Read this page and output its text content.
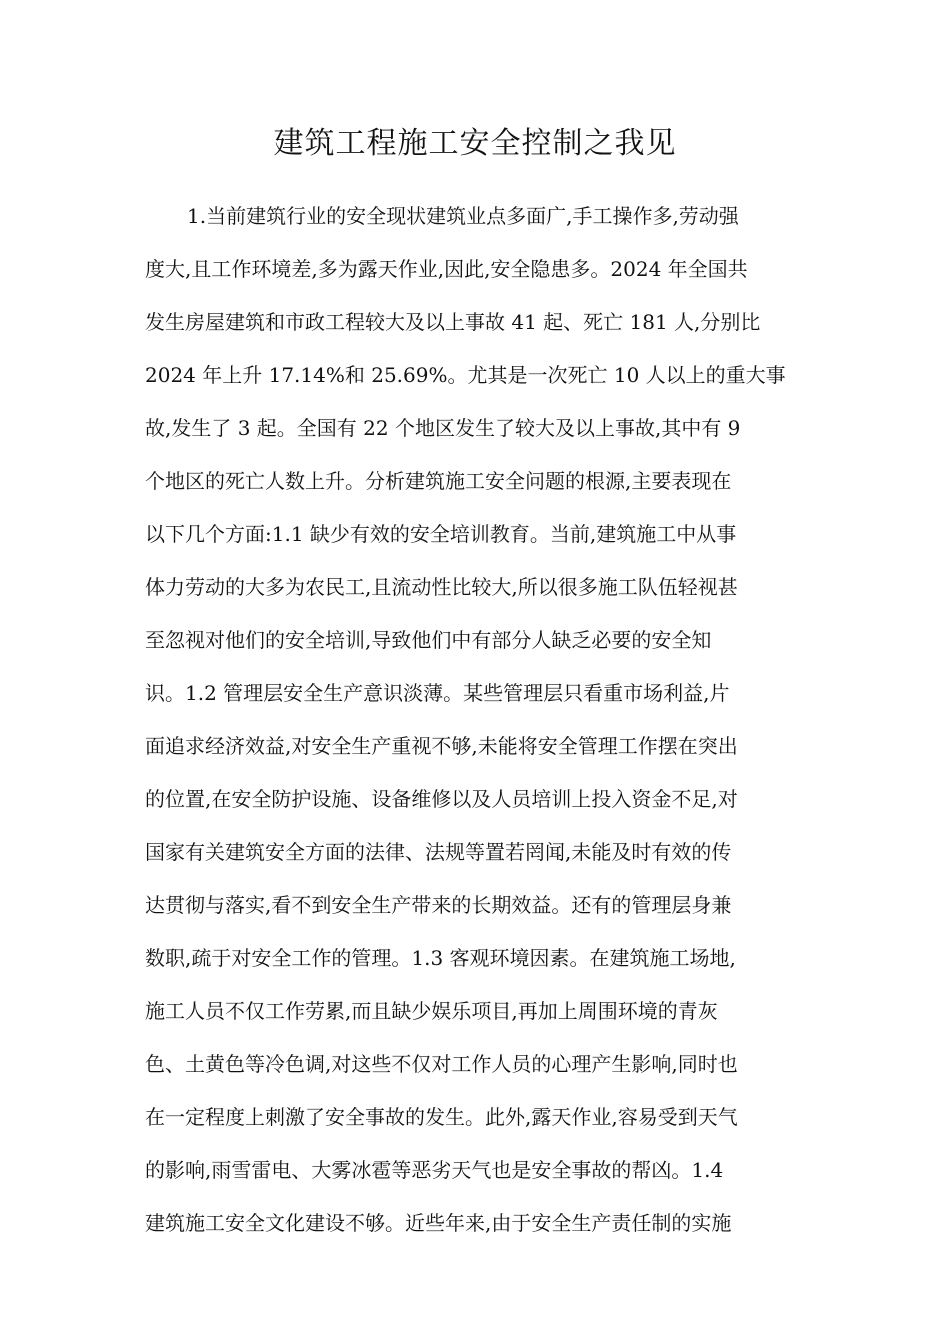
建筑工程施工安全控制之我见
1.当前建筑行业的安全现状建筑业点多面广,手工操作多,劳动强
度大,且工作环境差,多为露天作业,因此,安全隐患多。2024 年全国共
发生房屋建筑和市政工程较大及以上事故 41 起、死亡 181 人,分别比
2024 年上升 17.14%和 25.69%。尤其是一次死亡 10 人以上的重大事
故,发生了 3 起。全国有 22 个地区发生了较大及以上事故,其中有 9
个地区的死亡人数上升。分析建筑施工安全问题的根源,主要表现在
以下几个方面:1.1 缺少有效的安全培训教育。当前,建筑施工中从事
体力劳动的大多为农民工,且流动性比较大,所以很多施工队伍轻视甚
至忽视对他们的安全培训,导致他们中有部分人缺乏必要的安全知
识。1.2 管理层安全生产意识淡薄。某些管理层只看重市场利益,片
面追求经济效益,对安全生产重视不够,未能将安全管理工作摆在突出
的位置,在安全防护设施、设备维修以及人员培训上投入资金不足,对
国家有关建筑安全方面的法律、法规等置若罔闻,未能及时有效的传
达贯彻与落实,看不到安全生产带来的长期效益。还有的管理层身兼
数职,疏于对安全工作的管理。1.3 客观环境因素。在建筑施工场地,
施工人员不仅工作劳累,而且缺少娱乐项目,再加上周围环境的青灰
色、土黄色等冷色调,对这些不仅对工作人员的心理产生影响,同时也
在一定程度上刺激了安全事故的发生。此外,露天作业,容易受到天气
的影响,雨雪雷电、大雾冰雹等恶劣天气也是安全事故的帮凶。1.4
建筑施工安全文化建设不够。近些年来,由于安全生产责任制的实施
